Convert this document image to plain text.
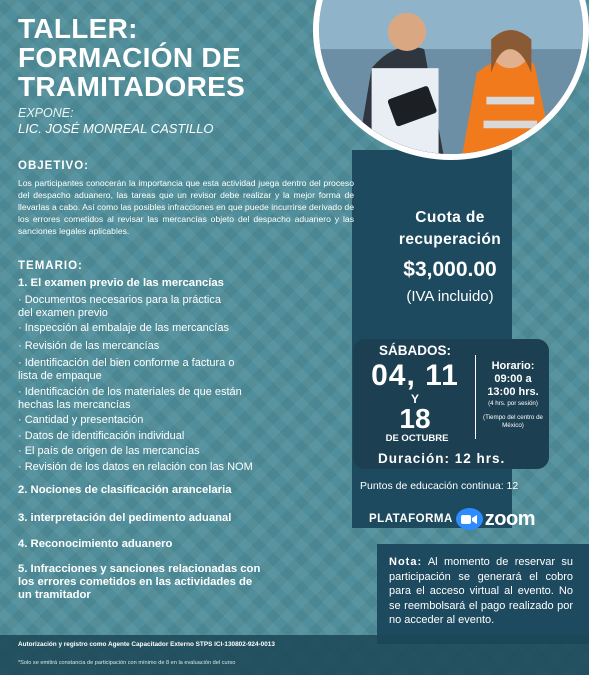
TALLER:
FORMACIÓN DE
TRAMITADORES
EXPONE:
LIC. JOSÉ MONREAL CASTILLO
OBJETIVO:
Los participantes conocerán la importancia que esta actividad juega dentro del proceso del despacho aduanero, las tareas que un revisor debe realizar y la mejor forma de llevarlas a cabo. Así como las posibles infracciones en que puede incurrirse derivado de los errores cometidos al revisar las mercancías objeto del despacho aduanero y las sanciones legales aplicables.
TEMARIO:
1. El examen previo de las mercancías
· Documentos necesarios para la práctica
del examen previo
· Inspección al embalaje de las mercancías
· Revisión de las mercancías
· Identificación del bien conforme a factura o
lista de empaque
· Identificación de los materiales de que están
hechas las mercancías
· Cantidad y presentación
· Datos de identificación individual
· El país de origen de las mercancías
· Revisión de los datos en relación con las NOM
2. Nociones de clasificación arancelaria
3. interpretación del pedimento aduanal
4. Reconocimiento aduanero
5. Infracciones y sanciones relacionadas con
los errores cometidos en las actividades de
un tramitador
Cuota de
recuperación
$3,000.00
(IVA incluido)
SÁBADOS:
04, 11
Y
18
DE OCTUBRE
Horario:
09:00 a
13:00 hrs.
(4 hrs. por sesión)
(Tiempo del centro de México)
Duración: 12 hrs.
Puntos de educación continua: 12
PLATAFORMA zoom
Nota: Al momento de reservar su participación se generará el cobro para el acceso virtual al evento. No se reembolsará el pago realizado por no acceder al evento.
Autorización y registro como Agente Capacitador Externo STPS ICI-130802-924-0013
*Solo se emitirá constancia de participación con mínimo de 8 en la evaluación del curso
